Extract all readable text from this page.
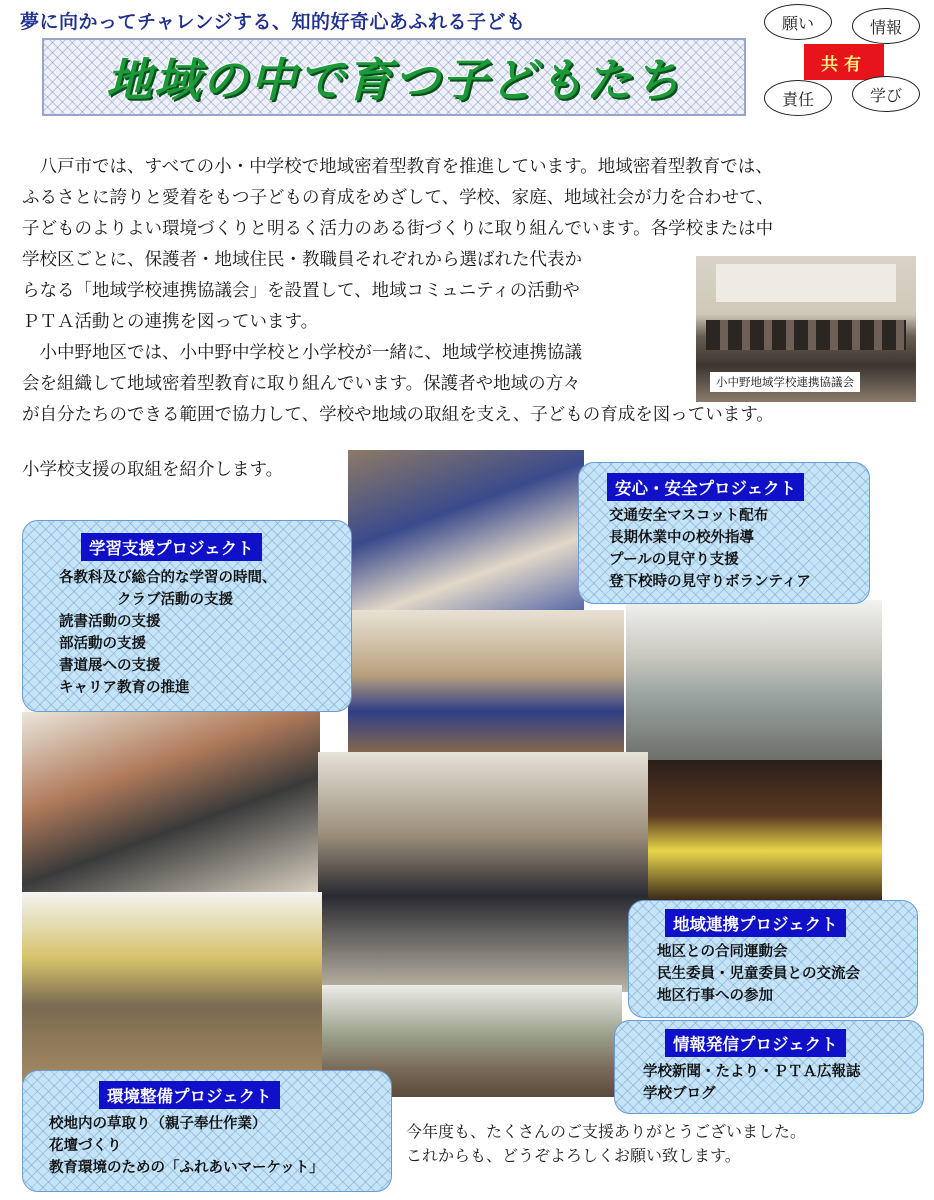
夢に向かってチャレンジする、知的好奇心あふれる子ども
地域の中で育つ子どもたち
願い	情報
共有
責任	学び
　八戸市では、すべての小・中学校で地域密着型教育を推進しています。地域密着型教育では、
ふるさとに誇りと愛着をもつ子どもの育成をめざして、学校、家庭、地域社会が力を合わせて、
子どものよりよい環境づくりと明るく活力のある街づくりに取り組んでいます。各学校または中
学校区ごとに、保護者・地域住民・教職員それぞれから選ばれた代表か
らなる「地域学校連携協議会」を設置して、地域コミュニティの活動や
ＰＴＡ活動との連携を図っています。
　小中野地区では、小中野中学校と小学校が一緒に、地域学校連携協議
会を組織して地域密着型教育に取り組んでいます。保護者や地域の方々
が自分たちのできる範囲で協力して、学校や地域の取組を支え、子どもの育成を図っています。
小学校支援の取組を紹介します。
小中野地域学校連携協議会
安心・安全プロジェクト
交通安全マスコット配布
長期休業中の校外指導
プールの見守り支援
登下校時の見守りボランティア
学習支援プロジェクト
各教科及び総合的な学習の時間、
　　　　クラブ活動の支援
読書活動の支援
部活動の支援
書道展への支援
キャリア教育の推進
地域連携プロジェクト
地区との合同運動会
民生委員・児童委員との交流会
地区行事への参加
情報発信プロジェクト
学校新聞・たより・ＰＴＡ広報誌
学校ブログ
環境整備プロジェクト
校地内の草取り（親子奉仕作業）
花壇づくり
教育環境のための「ふれあいマーケット」
今年度も、たくさんのご支援ありがとうございました。
これからも、どうぞよろしくお願い致します。
